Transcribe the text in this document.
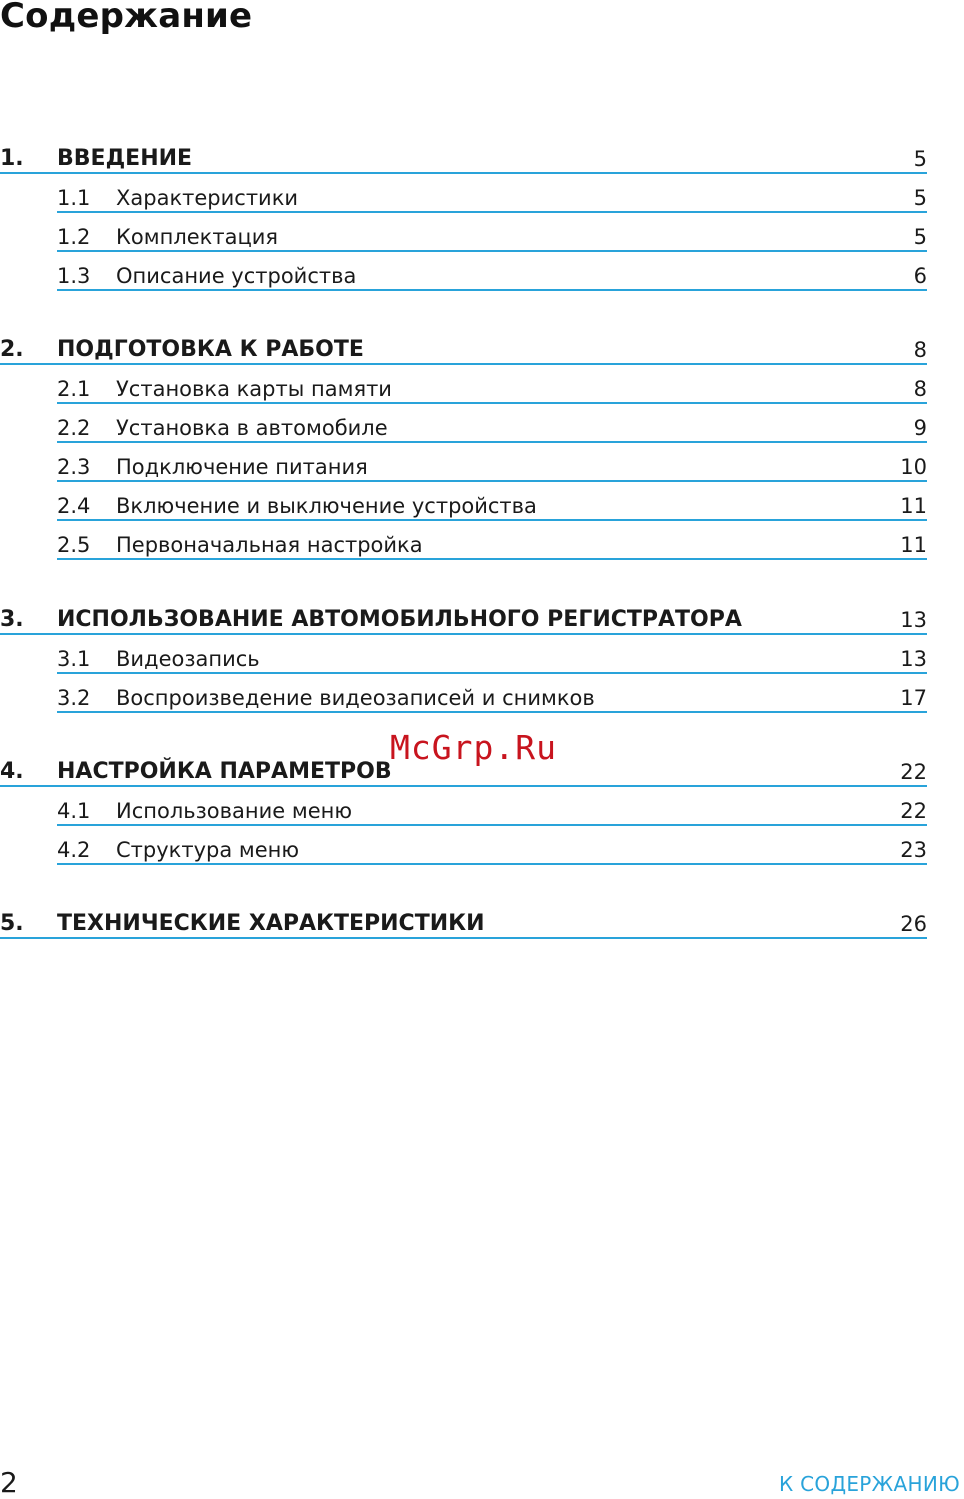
Содержание
1. ВВЕДЕНИЕ	5
1.1 Характеристики	5
1.2 Комплектация	5
1.3 Описание устройства	6
2. ПОДГОТОВКА К РАБОТЕ	8
2.1 Установка карты памяти	8
2.2 Установка в автомобиле	9
2.3 Подключение питания	10
2.4 Включение и выключение устройства	11
2.5 Первоначальная настройка	11
3. ИСПОЛЬЗОВАНИЕ АВТОМОБИЛЬНОГО РЕГИСТРАТОРА	13
3.1 Видеозапись	13
3.2 Воспроизведение видеозаписей и снимков	17
4. НАСТРОЙКА ПАРАМЕТРОВ	22
4.1 Использование меню	22
4.2 Структура меню	23
5. ТЕХНИЧЕСКИЕ ХАРАКТЕРИСТИКИ	26
McGrp.Ru
2	К СОДЕРЖАНИЮ
